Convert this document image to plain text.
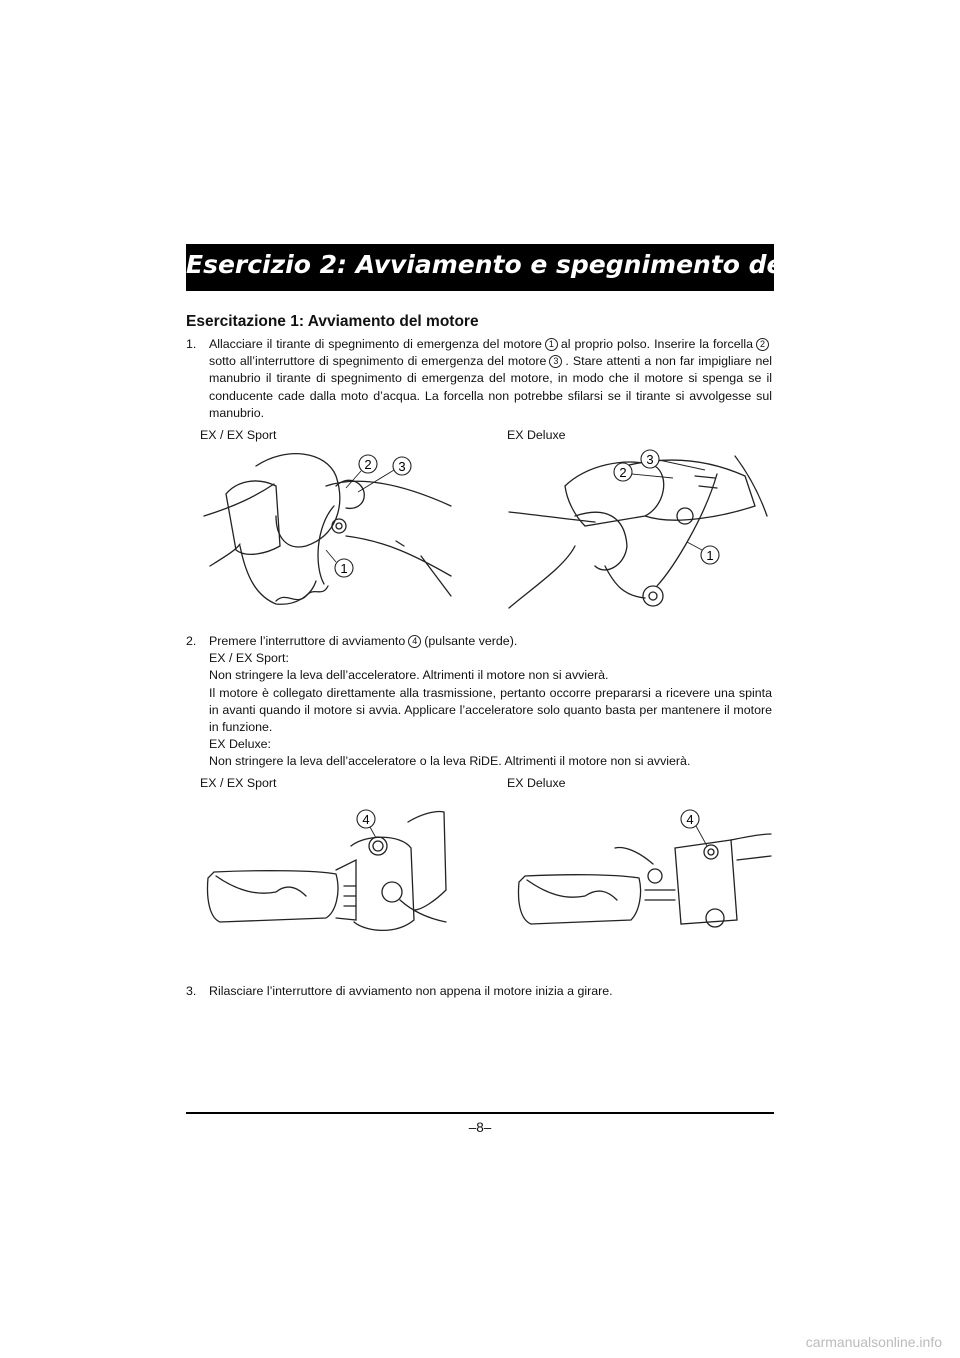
Esercizio 2: Avviamento e spegnimento del motore
Esercitazione 1: Avviamento del motore
1. Allacciare il tirante di spegnimento di emergenza del motore 1 al proprio polso. Inserire la forcella 2sotto all’interruttore di spegnimento di emergenza del motore 3 . Stare attenti a non far impigliare nel manubrio il tirante di spegnimento di emergenza del motore, in modo che il motore si spenga se il conducente cade dalla moto d’acqua. La forcella non potrebbe sfilarsi se il tirante si avvolgesse sul manubrio.
EX / EX Sport	EX Deluxe
2 3
1
3
2
1
2. Premere l’interruttore di avviamento 4 (pulsante verde).
EX / EX Sport:
Non stringere la leva dell’acceleratore. Altrimenti il motore non si avvierà.
Il motore è collegato direttamente alla trasmissione, pertanto occorre prepararsi a ricevere una spinta in avanti quando il motore si avvia. Applicare l’acceleratore solo quanto basta per mantenere il motore in funzione.
EX Deluxe:
Non stringere la leva dell’acceleratore o la leva RiDE. Altrimenti il motore non si avvierà.
EX / EX Sport	EX Deluxe
4	4
3. Rilasciare l’interruttore di avviamento non appena il motore inizia a girare.
–8–
carmanualsonline.info
